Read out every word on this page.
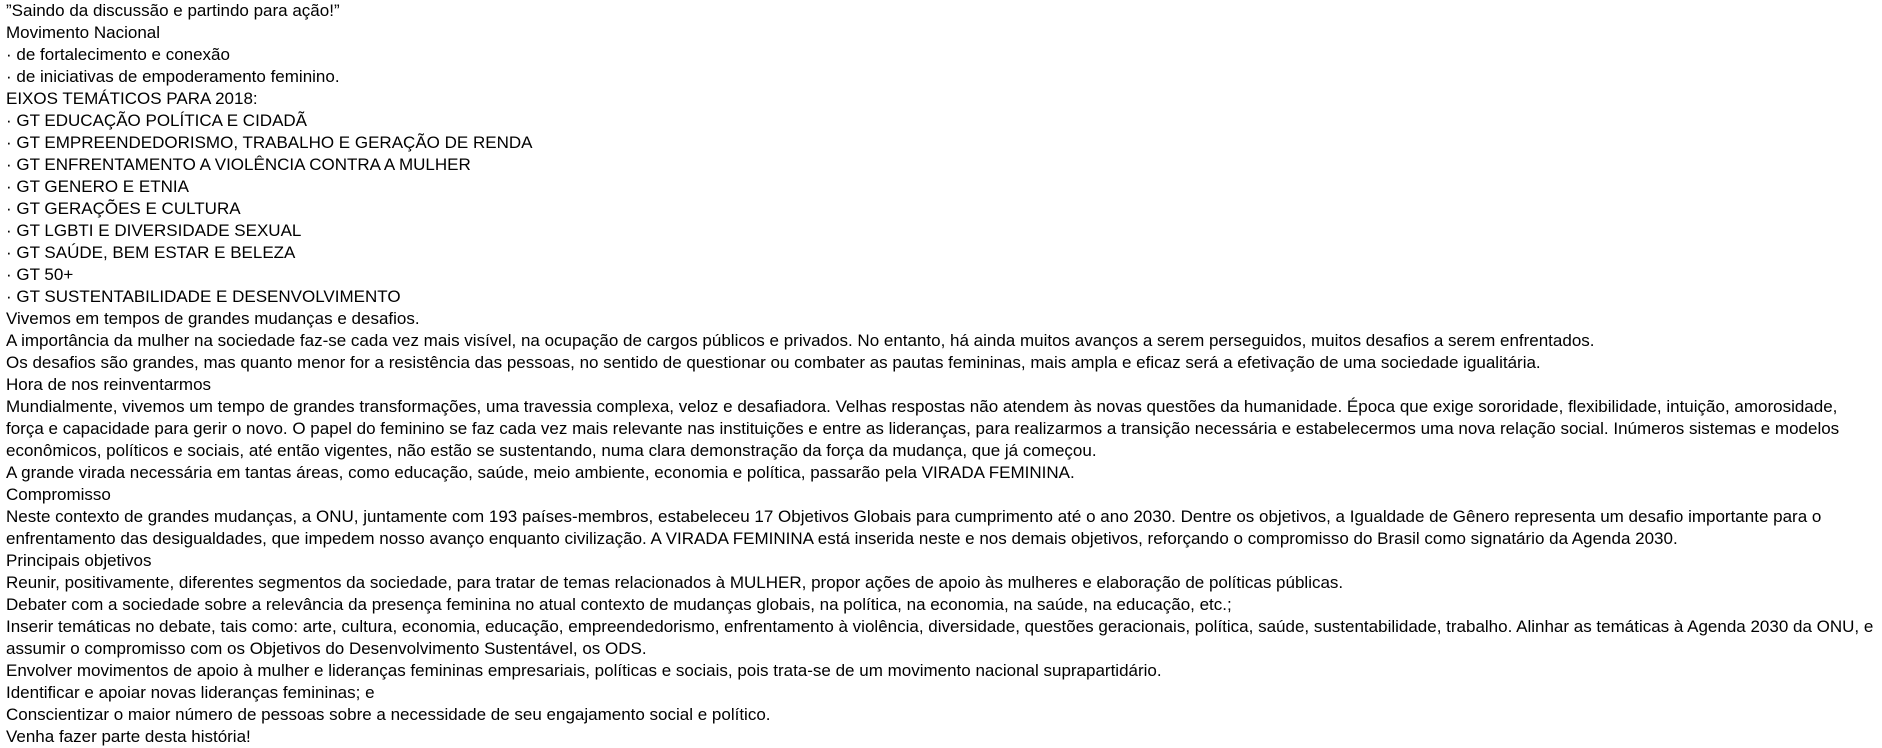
”Saindo da discussão e partindo para ação!”
Movimento Nacional
· de fortalecimento e conexão
· de iniciativas de empoderamento feminino.
EIXOS TEMÁTICOS PARA 2018:
· GT EDUCAÇÃO POLÍTICA E CIDADÃ
· GT EMPREENDEDORISMO, TRABALHO E GERAÇÃO DE RENDA
· GT ENFRENTAMENTO A VIOLÊNCIA CONTRA A MULHER
· GT GENERO E ETNIA
· GT GERAÇÕES E CULTURA
· GT LGBTI E DIVERSIDADE SEXUAL
· GT SAÚDE, BEM ESTAR E BELEZA
· GT 50+
· GT SUSTENTABILIDADE E DESENVOLVIMENTO
Vivemos em tempos de grandes mudanças e desafios.
A importância da mulher na sociedade faz-se cada vez mais visível, na ocupação de cargos públicos e privados. No entanto, há ainda muitos avanços a serem perseguidos, muitos desafios a serem enfrentados.
Os desafios são grandes, mas quanto menor for a resistência das pessoas, no sentido de questionar ou combater as pautas femininas, mais ampla e eficaz será a efetivação de uma sociedade igualitária.
Hora de nos reinventarmos
Mundialmente, vivemos um tempo de grandes transformações, uma travessia complexa, veloz e desafiadora. Velhas respostas não atendem às novas questões da humanidade. Época que exige sororidade, flexibilidade, intuição, amorosidade, força e capacidade para gerir o novo. O papel do feminino se faz cada vez mais relevante nas instituições e entre as lideranças, para realizarmos a transição necessária e estabelecermos uma nova relação social. Inúmeros sistemas e modelos econômicos, políticos e sociais, até então vigentes, não estão se sustentando, numa clara demonstração da força da mudança, que já começou.
A grande virada necessária em tantas áreas, como educação, saúde, meio ambiente, economia e política, passarão pela VIRADA FEMININA.
Compromisso
Neste contexto de grandes mudanças, a ONU, juntamente com 193 países-membros, estabeleceu 17 Objetivos Globais para cumprimento até o ano 2030. Dentre os objetivos, a Igualdade de Gênero representa um desafio importante para o enfrentamento das desigualdades, que impedem nosso avanço enquanto civilização. A VIRADA FEMININA está inserida neste e nos demais objetivos, reforçando o compromisso do Brasil como signatário da Agenda 2030.
Principais objetivos
Reunir, positivamente, diferentes segmentos da sociedade, para tratar de temas relacionados à MULHER, propor ações de apoio às mulheres e elaboração de políticas públicas.
Debater com a sociedade sobre a relevância da presença feminina no atual contexto de mudanças globais, na política, na economia, na saúde, na educação, etc.;
Inserir temáticas no debate, tais como: arte, cultura, economia, educação, empreendedorismo, enfrentamento à violência, diversidade, questões geracionais, política, saúde, sustentabilidade, trabalho. Alinhar as temáticas à Agenda 2030 da ONU, e assumir o compromisso com os Objetivos do Desenvolvimento Sustentável, os ODS.
Envolver movimentos de apoio à mulher e lideranças femininas empresariais, políticas e sociais, pois trata-se de um movimento nacional suprapartidário.
Identificar e apoiar novas lideranças femininas; e
Conscientizar o maior número de pessoas sobre a necessidade de seu engajamento social e político.
Venha fazer parte desta história!
